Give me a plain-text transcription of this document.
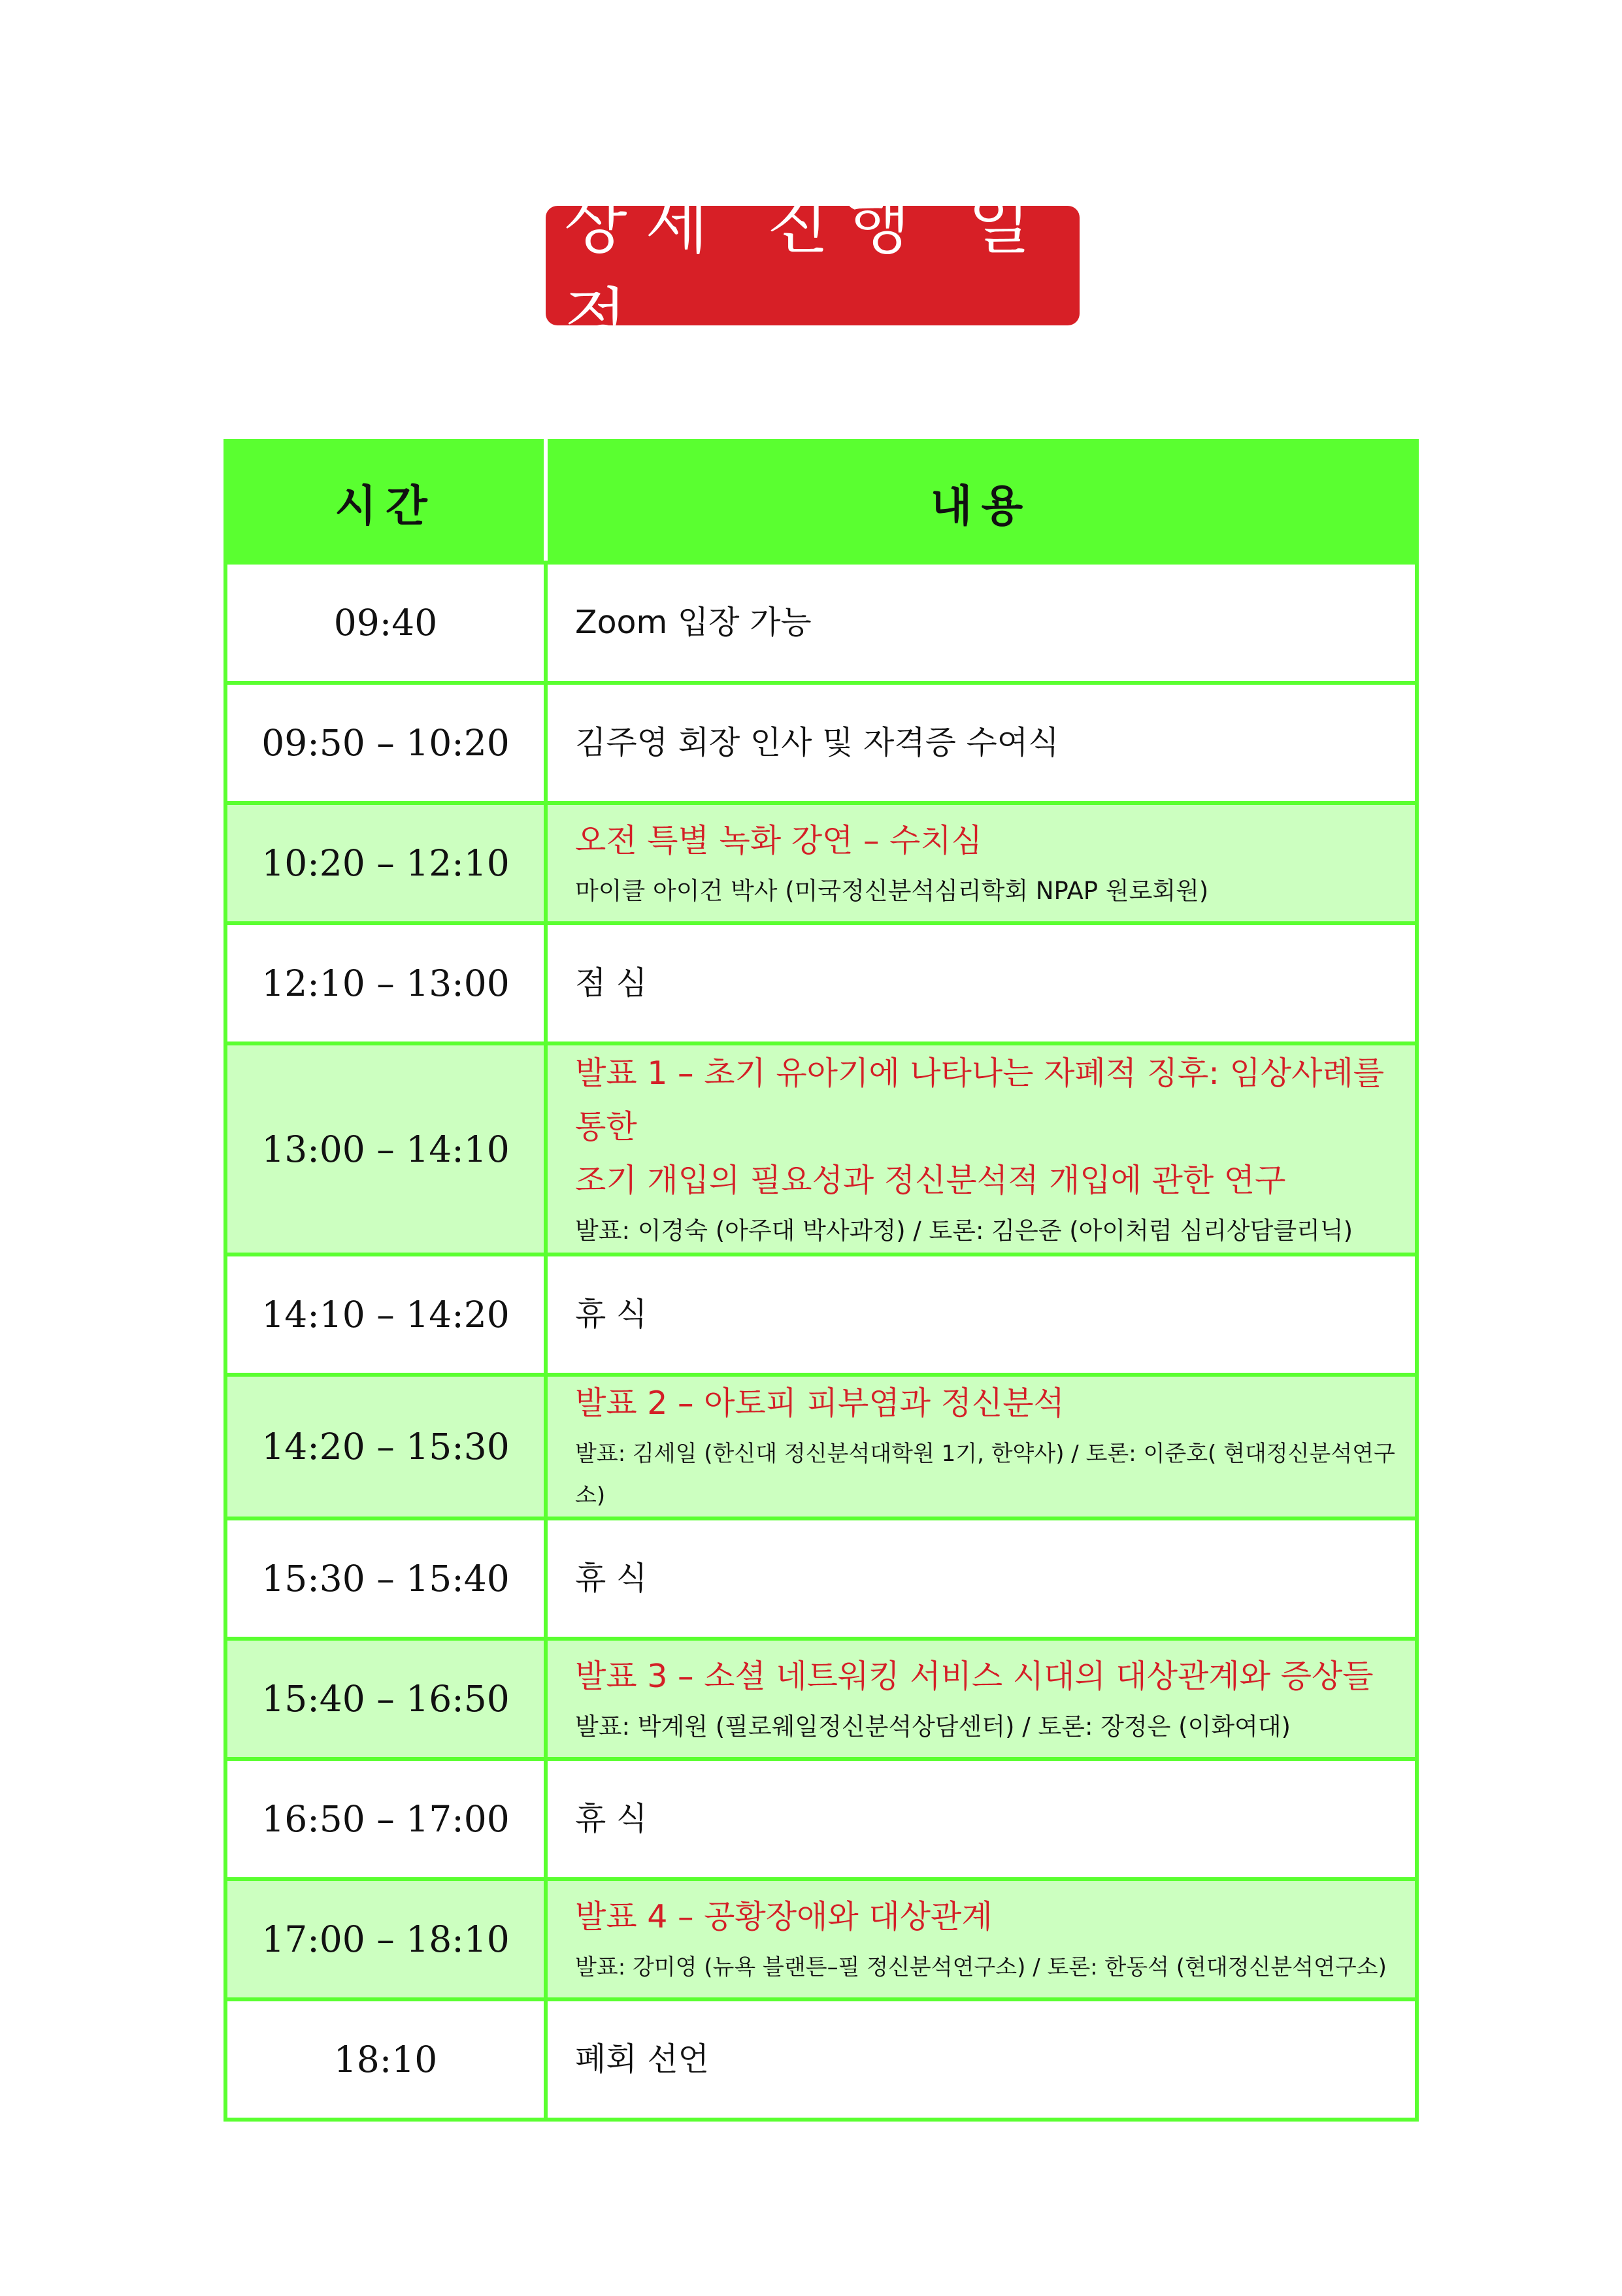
상세 진행 일정
시간	내용
09:40	Zoom 입장 가능

09:50 – 10:20	김주영 회장 인사 및 자격증 수여식

10:20 – 12:10	오전 특별 녹화 강연 – 수치심
마이클 아이건 박사 (미국정신분석심리학회 NPAP 원로회원)

12:10 – 13:00	점 심

13:00 – 14:10	발표 1 – 초기 유아기에 나타나는 자폐적 징후: 임상사례를 통한
조기 개입의 필요성과 정신분석적 개입에 관한 연구
발표: 이경숙 (아주대 박사과정) / 토론: 김은준 (아이처럼 심리상담클리닉)

14:10 – 14:20	휴 식

14:20 – 15:30	발표 2 – 아토피 피부염과 정신분석
발표: 김세일 (한신대 정신분석대학원 1기, 한약사) / 토론: 이준호( 현대정신분석연구소)

15:30 – 15:40	휴 식

15:40 – 16:50	발표 3 – 소셜 네트워킹 서비스 시대의 대상관계와 증상들
발표: 박계원 (필로웨일정신분석상담센터) / 토론: 장정은 (이화여대)

16:50 – 17:00	휴 식

17:00 – 18:10	발표 4 – 공황장애와 대상관계
발표: 강미영 (뉴욕 블랜튼–필 정신분석연구소) / 토론: 한동석 (현대정신분석연구소)

18:10	폐회 선언
